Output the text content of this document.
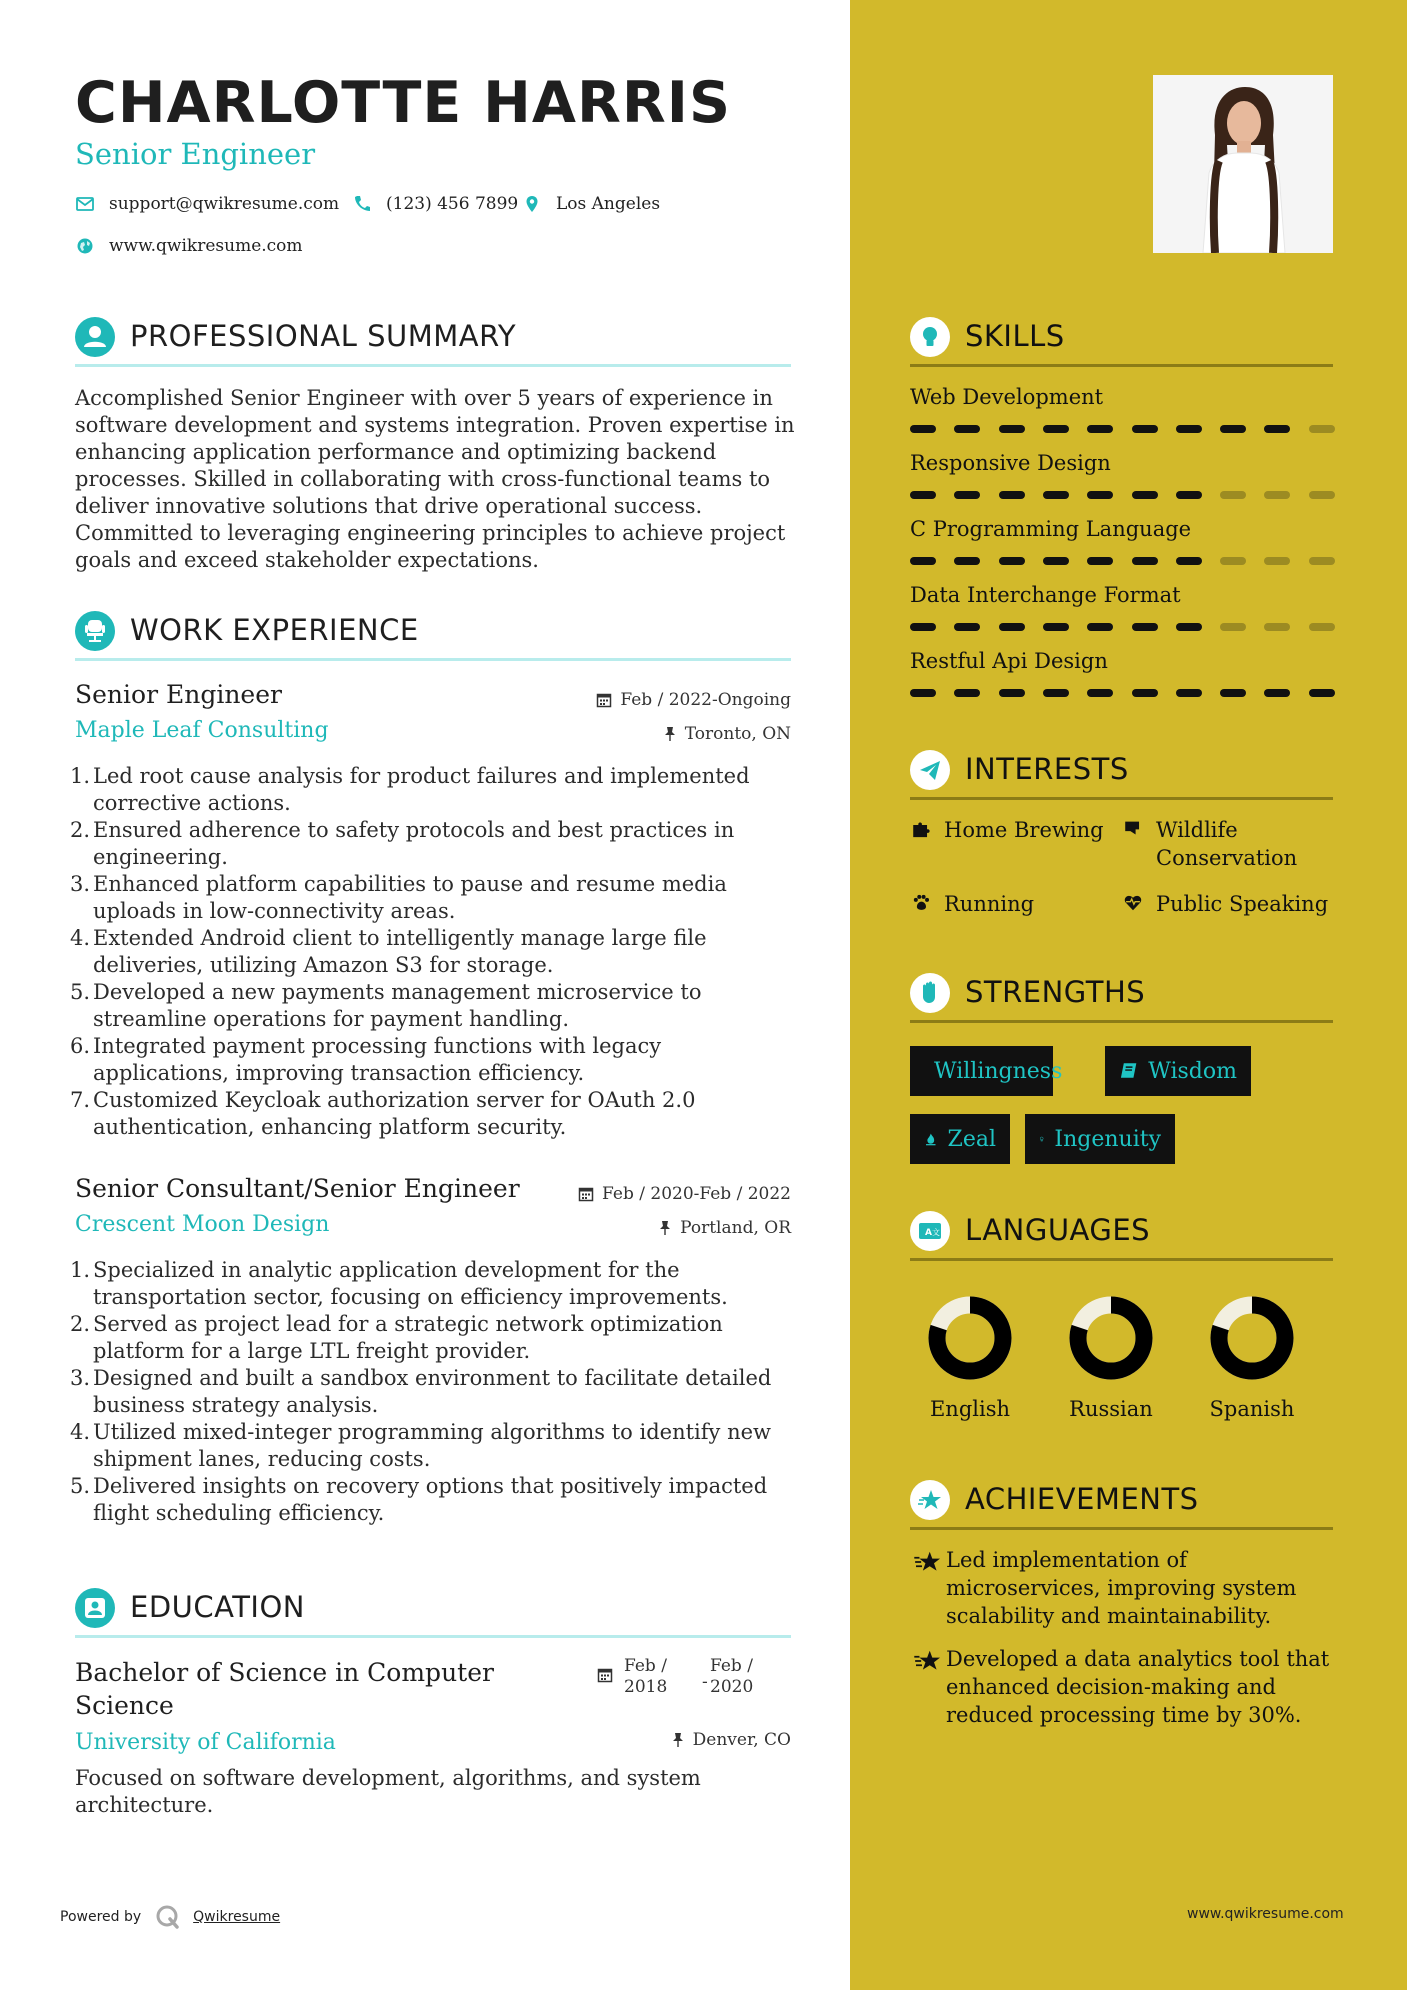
CHARLOTTE HARRIS
Senior Engineer
support@qwikresume.com	(123) 456 7899 Los Angeles
www.qwikresume.com
PROFESSIONAL SUMMARY
Accomplished Senior Engineer with over 5 years of experience in software development and systems integration. Proven expertise in enhancing application performance and optimizing backend processes. Skilled in collaborating with cross-functional teams to deliver innovative solutions that drive operational success. Committed to leveraging engineering principles to achieve project goals and exceed stakeholder expectations.
WORK EXPERIENCE
Senior Engineer
Maple Leaf Consulting
Feb / 2022-Ongoing
Toronto, ON
1. Led root cause analysis for product failures and implemented corrective actions.
2. Ensured adherence to safety protocols and best practices in engineering.
3. Enhanced platform capabilities to pause and resume media uploads in low-connectivity areas.
4. Extended Android client to intelligently manage large file deliveries, utilizing Amazon S3 for storage.
5. Developed a new payments management microservice to streamline operations for payment handling.
6. Integrated payment processing functions with legacy applications, improving transaction efficiency.
7. Customized Keycloak authorization server for OAuth 2.0 authentication, enhancing platform security.
Senior Consultant/Senior Engineer
Crescent Moon Design
Feb / 2020-Feb / 2022
Portland, OR
1. Specialized in analytic application development for the transportation sector, focusing on efficiency improvements.
2. Served as project lead for a strategic network optimization platform for a large LTL freight provider.
3. Designed and built a sandbox environment to facilitate detailed business strategy analysis.
4. Utilized mixed-integer programming algorithms to identify new shipment lanes, reducing costs.
5. Delivered insights on recovery options that positively impacted flight scheduling efficiency.
EDUCATION
Bachelor of Science in Computer
Science
University of California
Feb /
2018 -
Feb /
2020
Denver, CO
Focused on software development, algorithms, and system architecture.
Powered by	Qwikresume
SKILLS
Web Development
Responsive Design
C Programming Language
Data Interchange Format
Restful Api Design
INTERESTS
Home Brewing Wildlife
Conservation
Running	Public Speaking
STRENGTHS
Willingness	Wisdom
Zeal	Ingenuity
A 文 LANGUAGES
English	Russian	Spanish
ACHIEVEMENTS
Led implementation of
microservices, improving system
scalability and maintainability.
Developed a data analytics tool that
enhanced decision-making and
reduced processing time by 30%.
www.qwikresume.com
